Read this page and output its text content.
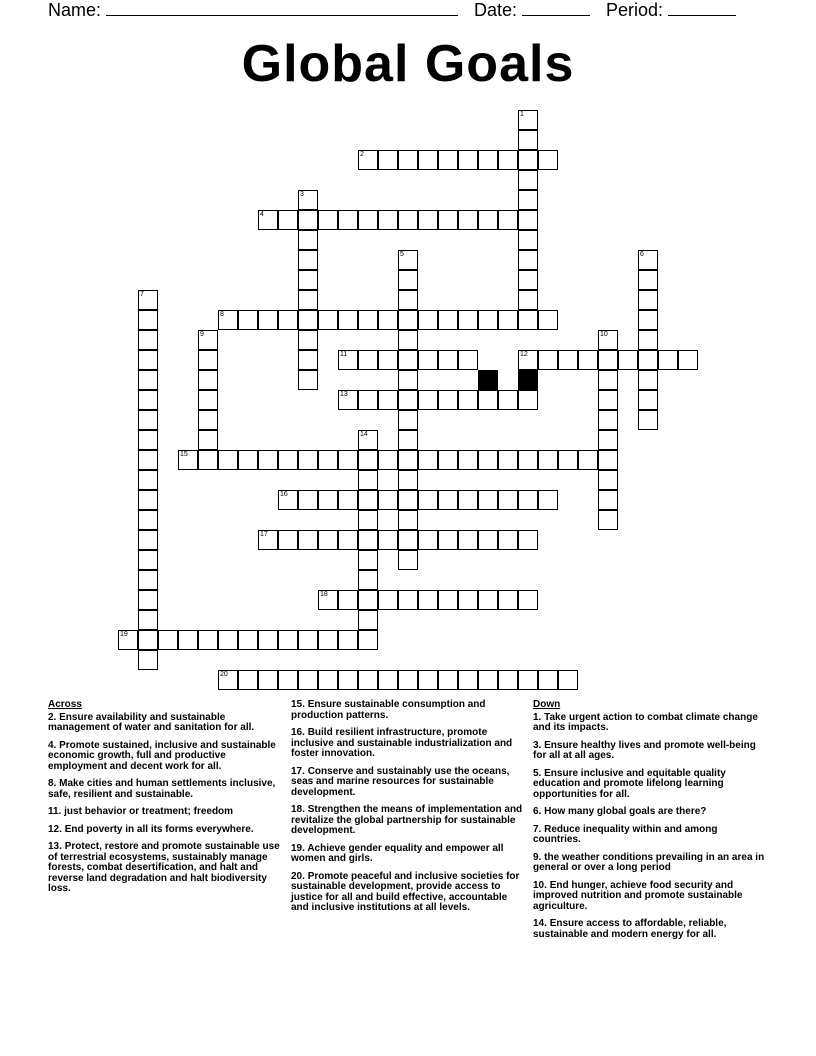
Name:	Date:	Period:
Global Goals
1
2
3
4
5	6
7
8
9	10
11	12
13
14
15
16
17
18
19
20
Across
2. Ensure availability and sustainable management of water and sanitation for all.
4. Promote sustained, inclusive and sustainable economic growth, full and productive employment and decent work for all.
8. Make cities and human settlements inclusive, safe, resilient and sustainable.
11. just behavior or treatment; freedom
12. End poverty in all its forms everywhere.
13. Protect, restore and promote sustainable use of terrestrial ecosystems, sustainably manage forests, combat desertification, and halt and reverse land degradation and halt biodiversity loss.
15. Ensure sustainable consumption and production patterns.
16. Build resilient infrastructure, promote inclusive and sustainable industrialization and foster innovation.
17. Conserve and sustainably use the oceans, seas and marine resources for sustainable development.
18. Strengthen the means of implementation and revitalize the global partnership for sustainable development.
19. Achieve gender equality and empower all women and girls.
20. Promote peaceful and inclusive societies for sustainable development, provide access to justice for all and build effective, accountable and inclusive institutions at all levels.
Down
1. Take urgent action to combat climate change and its impacts.
3. Ensure healthy lives and promote well-being for all at all ages.
5. Ensure inclusive and equitable quality education and promote lifelong learning opportunities for all.
6. How many global goals are there?
7. Reduce inequality within and among countries.
9. the weather conditions prevailing in an area in general or over a long period
10. End hunger, achieve food security and improved nutrition and promote sustainable agriculture.
14. Ensure access to affordable, reliable, sustainable and modern energy for all.
